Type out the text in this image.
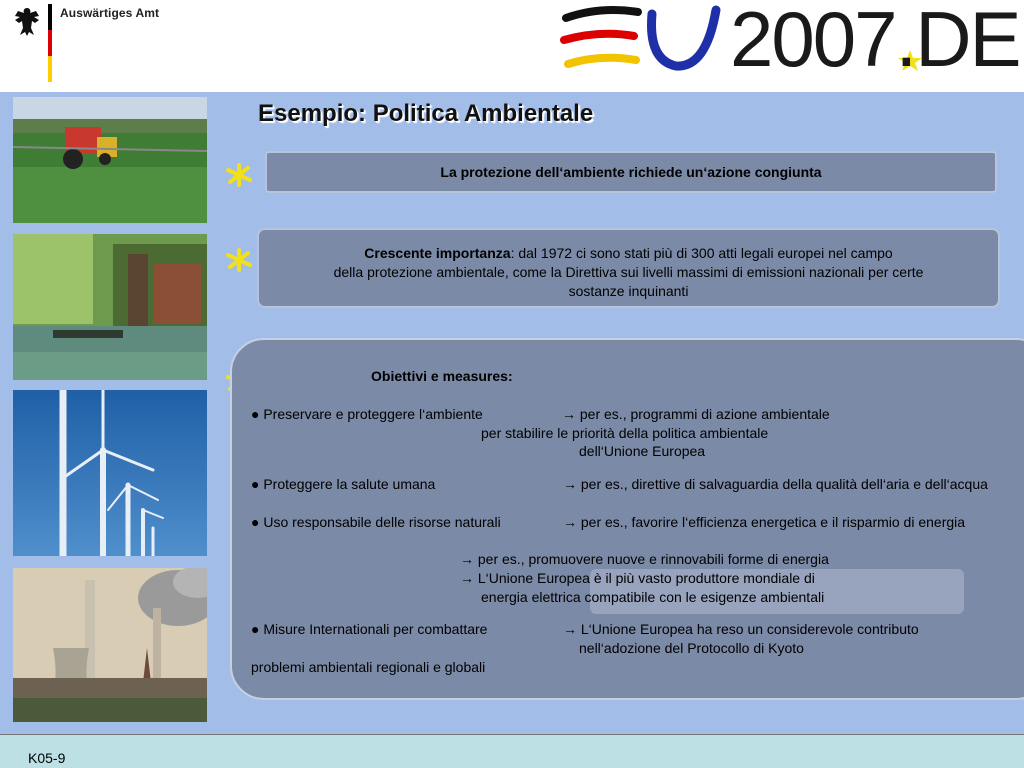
Auswärtiges Amt	2007.DE
Esempio: Politica Ambientale
La protezione dell‘ambiente richiede un‘azione congiunta
Crescente importanza: dal 1972 ci sono stati più di 300 atti legali europei nel campo
della protezione ambientale, come la Direttiva sui livelli massimi di emissioni nazionali per certe
sostanze inquinanti
Obiettivi e measures:
● Preservare e proteggere l‘ambiente	→ per es., programmi di azione ambientale
per stabilire le priorità della politica ambientale
dell‘Unione Europea
● Proteggere la salute umana	→ per es., direttive di salvaguardia della qualità dell‘aria e dell‘acqua
● Uso responsabile delle risorse naturali	→ per es., favorire l‘efficienza energetica e il risparmio di energia
→ per es., promuovere nuove e rinnovabili forme di energia
→ L‘Unione Europea è il più vasto produttore mondiale di
energia elettrica compatibile con le esigenze ambientali
● Misure Internationali per combattare	→ L‘Unione Europea ha reso un considerevole contributo
nell‘adozione del Protocollo di Kyoto
problemi ambientali regionali e globali
K05-9
